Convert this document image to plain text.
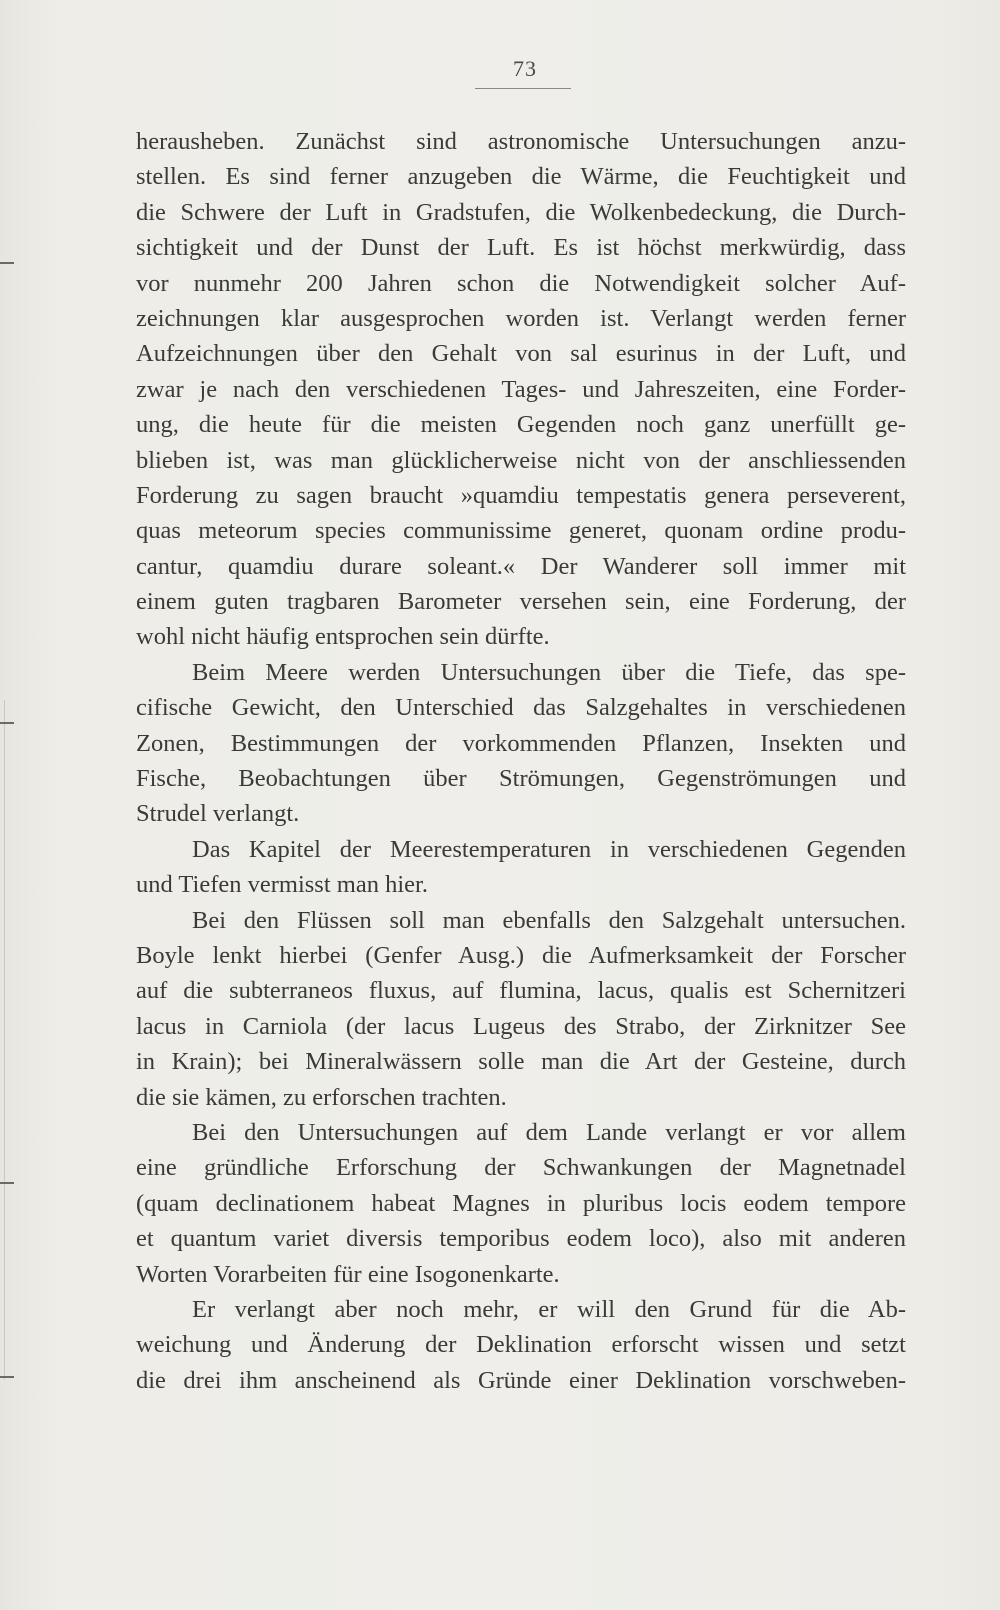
73
herausheben. Zunächst sind astronomische Untersuchungen anzu-
stellen. Es sind ferner anzugeben die Wärme, die Feuchtigkeit und
die Schwere der Luft in Gradstufen, die Wolkenbedeckung, die Durch-
sichtigkeit und der Dunst der Luft. Es ist höchst merkwürdig, dass
vor nunmehr 200 Jahren schon die Notwendigkeit solcher Auf-
zeichnungen klar ausgesprochen worden ist. Verlangt werden ferner
Aufzeichnungen über den Gehalt von sal esurinus in der Luft, und
zwar je nach den verschiedenen Tages- und Jahreszeiten, eine Forder-
ung, die heute für die meisten Gegenden noch ganz unerfüllt ge-
blieben ist, was man glücklicherweise nicht von der anschliessenden
Forderung zu sagen braucht »quamdiu tempestatis genera perseverent,
quas meteorum species communissime generet, quonam ordine produ-
cantur, quamdiu durare soleant.« Der Wanderer soll immer mit
einem guten tragbaren Barometer versehen sein, eine Forderung, der
wohl nicht häufig entsprochen sein dürfte.
Beim Meere werden Untersuchungen über die Tiefe, das spe-
cifische Gewicht, den Unterschied das Salzgehaltes in verschiedenen
Zonen, Bestimmungen der vorkommenden Pflanzen, Insekten und
Fische, Beobachtungen über Strömungen, Gegenströmungen und
Strudel verlangt.
Das Kapitel der Meerestemperaturen in verschiedenen Gegenden
und Tiefen vermisst man hier.
Bei den Flüssen soll man ebenfalls den Salzgehalt untersuchen.
Boyle lenkt hierbei (Genfer Ausg.) die Aufmerksamkeit der Forscher
auf die subterraneos fluxus, auf flumina, lacus, qualis est Schernitzeri
lacus in Carniola (der lacus Lugeus des Strabo, der Zirknitzer See
in Krain); bei Mineralwässern solle man die Art der Gesteine, durch
die sie kämen, zu erforschen trachten.
Bei den Untersuchungen auf dem Lande verlangt er vor allem
eine gründliche Erforschung der Schwankungen der Magnetnadel
(quam declinationem habeat Magnes in pluribus locis eodem tempore
et quantum variet diversis temporibus eodem loco), also mit anderen
Worten Vorarbeiten für eine Isogonenkarte.
Er verlangt aber noch mehr, er will den Grund für die Ab-
weichung und Änderung der Deklination erforscht wissen und setzt
die drei ihm anscheinend als Gründe einer Deklination vorschweben-
